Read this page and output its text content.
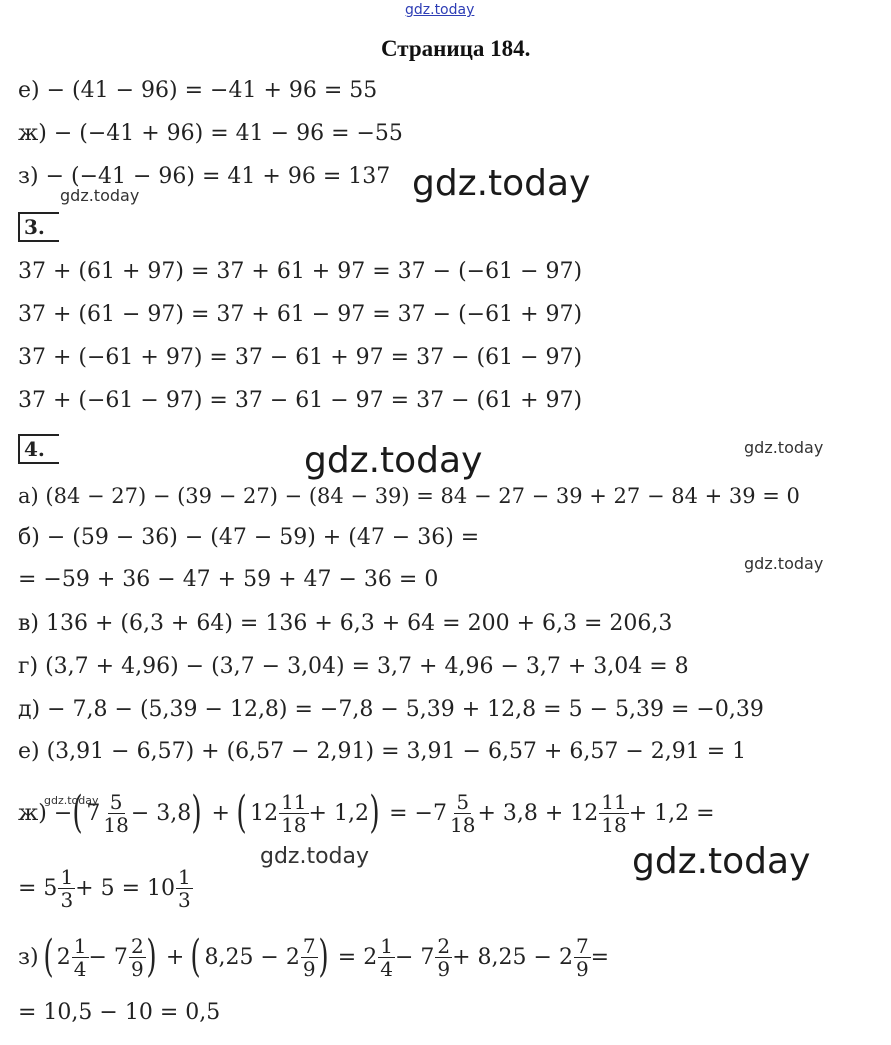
gdz.today
Страница 184.
е) − (41 − 96) = −41 + 96 = 55
ж) − (−41 + 96) = 41 − 96 = −55
з) − (−41 − 96) = 41 + 96 = 137 gdz.today
gdz.today
3.
37 + (61 + 97) = 37 + 61 + 97 = 37 − (−61 − 97)
37 + (61 − 97) = 37 + 61 − 97 = 37 − (−61 + 97)
37 + (−61 + 97) = 37 − 61 + 97 = 37 − (61 − 97)
37 + (−61 − 97) = 37 − 61 − 97 = 37 − (61 + 97)
4.	gdz.today	gdz.today
а) (84 − 27) − (39 − 27) − (84 − 39) = 84 − 27 − 39 + 27 − 84 + 39 = 0
б) − (59 − 36) − (47 − 59) + (47 − 36) =
gdz.today
= −59 + 36 − 47 + 59 + 47 − 36 = 0
в) 136 + (6,3 + 64) = 136 + 6,3 + 64 = 200 + 6,3 = 206,3
г) (3,7 + 4,96) − (3,7 − 3,04) = 3,7 + 4,96 − 3,7 + 3,04 = 8
д) − 7,8 − (5,39 − 12,8) = −7,8 − 5,39 + 12,8 = 5 − 5,39 = −0,39
е) (3,91 − 6,57) + (6,57 − 2,91) = 3,91 − 6,57 + 6,57 − 2,91 = 1
ж) − ( $7 \frac{5}{18} - 3,8$ ) + ( $12 \frac{11}{18} + 1,2$ ) = $-7 \frac{5}{18} + 3,8 + 12 \frac{11}{18} + 1,2$ =
gdz.today
gdz.today	gdz.today
= $5 \frac{1}{3} + 5 = 10 \frac{1}{3}$
з) ( $2 \frac{1}{4} - 7 \frac{2}{9}$ ) + ( $8,25 - 2 \frac{7}{9}$ ) = $2 \frac{1}{4} - 7 \frac{2}{9} + 8,25 - 2 \frac{7}{9}$ =
= 10,5 − 10 = 0,5
